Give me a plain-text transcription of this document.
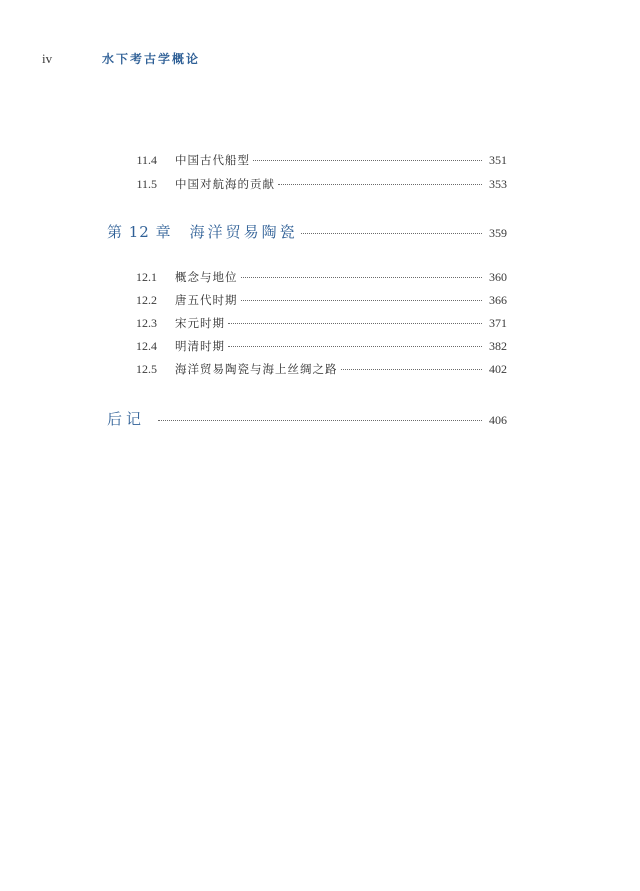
iv	水下考古学概论
11.4	中国古代船型	351
11.5	中国对航海的贡献	353
第 12 章 海洋贸易陶瓷	359
12.1	概念与地位	360
12.2	唐五代时期	366
12.3	宋元时期	371
12.4	明清时期	382
12.5	海洋贸易陶瓷与海上丝绸之路	402
后记	406
